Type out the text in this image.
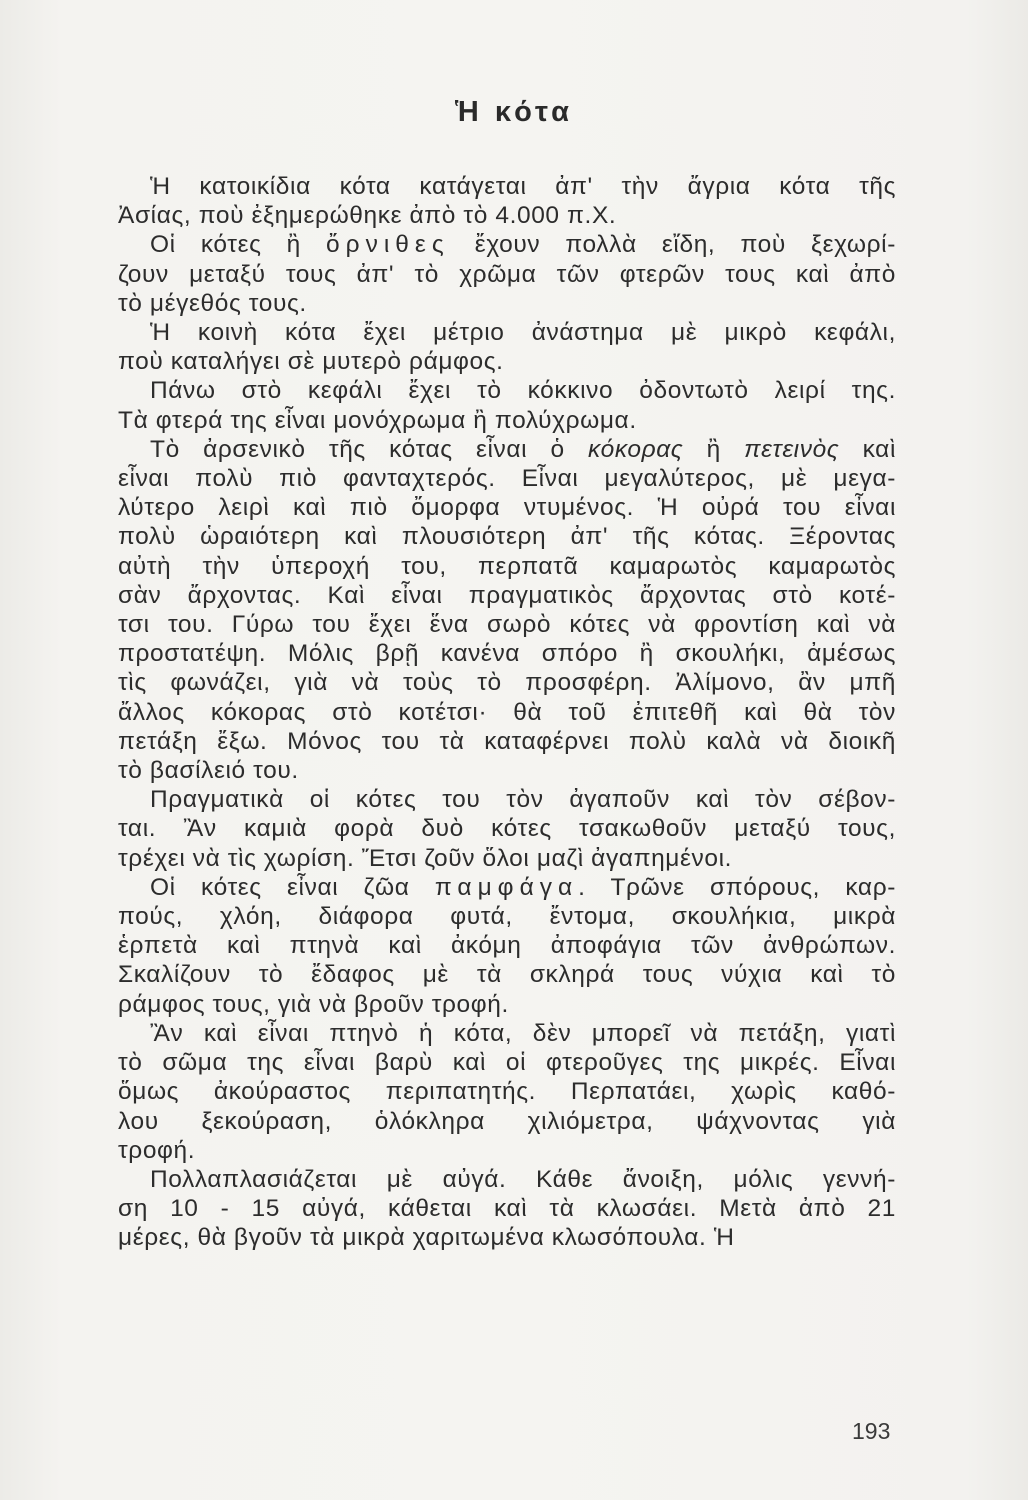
Ἡ κότα
Ἡ κατοικίδια κότα κατάγεται ἀπ' τὴν ἄγρια κότα τῆς
Ἀσίας, ποὺ ἐξημερώθηκε ἀπὸ τὸ 4.000 π.Χ.
Οἱ κότες ἢ ὄρνιθες ἔχουν πολλὰ εἴδη, ποὺ ξεχωρί-
ζουν μεταξύ τους ἀπ' τὸ χρῶμα τῶν φτερῶν τους καὶ ἀπὸ
τὸ μέγεθός τους.
Ἡ κοινὴ κότα ἔχει μέτριο ἀνάστημα μὲ μικρὸ κεφάλι,
ποὺ καταλήγει σὲ μυτερὸ ράμφος.
Πάνω στὸ κεφάλι ἔχει τὸ κόκκινο ὀδοντωτὸ λειρί της.
Τὰ φτερά της εἶναι μονόχρωμα ἢ πολύχρωμα.
Τὸ ἀρσενικὸ τῆς κότας εἶναι ὁ κόκορας ἢ πετεινὸς καὶ
εἶναι πολὺ πιὸ φανταχτερός. Εἶναι μεγαλύτερος, μὲ μεγα-
λύτερο λειρὶ καὶ πιὸ ὄμορφα ντυμένος. Ἡ οὐρά του εἶναι
πολὺ ὡραιότερη καὶ πλουσιότερη ἀπ' τῆς κότας. Ξέροντας
αὐτὴ τὴν ὑπεροχή του, περπατᾶ καμαρωτὸς καμαρωτὸς
σὰν ἄρχοντας. Καὶ εἶναι πραγματικὸς ἄρχοντας στὸ κοτέ-
τσι του. Γύρω του ἔχει ἕνα σωρὸ κότες νὰ φροντίση καὶ νὰ
προστατέψη. Μόλις βρῇ κανένα σπόρο ἢ σκουλήκι, ἀμέσως
τὶς φωνάζει, γιὰ νὰ τοὺς τὸ προσφέρη. Ἀλίμονο, ἂν μπῆ
ἄλλος κόκορας στὸ κοτέτσι· θὰ τοῦ ἐπιτεθῆ καὶ θὰ τὸν
πετάξη ἔξω. Μόνος του τὰ καταφέρνει πολὺ καλὰ νὰ διοικῆ
τὸ βασίλειό του.
Πραγματικὰ οἱ κότες του τὸν ἀγαποῦν καὶ τὸν σέβον-
ται. Ἂν καμιὰ φορὰ δυὸ κότες τσακωθοῦν μεταξύ τους,
τρέχει νὰ τὶς χωρίση. Ἔτσι ζοῦν ὅλοι μαζὶ ἀγαπημένοι.
Οἱ κότες εἶναι ζῶα παμφάγα. Τρῶνε σπόρους, καρ-
πούς, χλόη, διάφορα φυτά, ἔντομα, σκουλήκια, μικρὰ
ἑρπετὰ καὶ πτηνὰ καὶ ἀκόμη ἀποφάγια τῶν ἀνθρώπων.
Σκαλίζουν τὸ ἔδαφος μὲ τὰ σκληρά τους νύχια καὶ τὸ
ράμφος τους, γιὰ νὰ βροῦν τροφή.
Ἂν καὶ εἶναι πτηνὸ ἡ κότα, δὲν μπορεῖ νὰ πετάξη, γιατὶ
τὸ σῶμα της εἶναι βαρὺ καὶ οἱ φτεροῦγες της μικρές. Εἶναι
ὅμως ἀκούραστος περιπατητής. Περπατάει, χωρὶς καθό-
λου ξεκούραση, ὁλόκληρα χιλιόμετρα, ψάχνοντας γιὰ
τροφή.
Πολλαπλασιάζεται μὲ αὐγά. Κάθε ἄνοιξη, μόλις γεννή-
ση 10 - 15 αὐγά, κάθεται καὶ τὰ κλωσάει. Μετὰ ἀπὸ 21
μέρες, θὰ βγοῦν τὰ μικρὰ χαριτωμένα κλωσόπουλα. Ἡ
193
